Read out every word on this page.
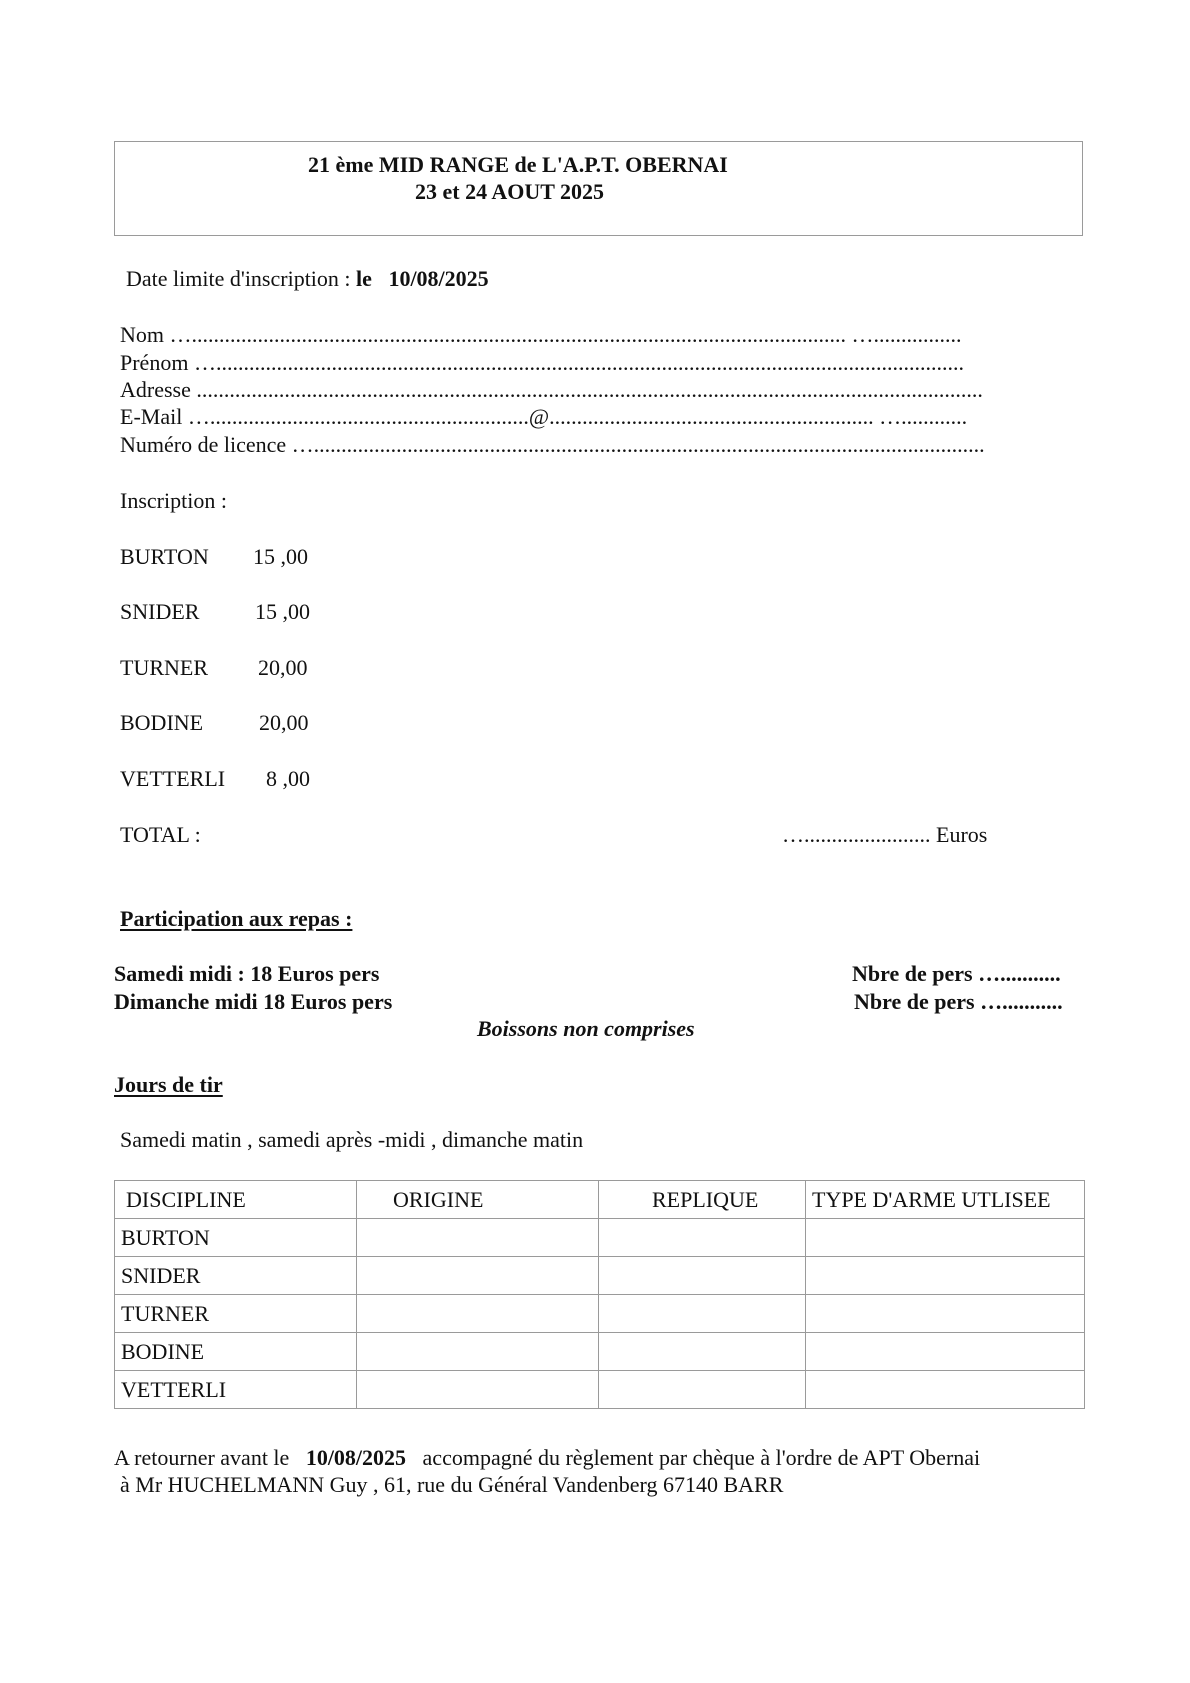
21 ème MID RANGE de L'A.P.T. OBERNAI
23 et 24 AOUT 2025
Date limite d'inscription : le 10/08/2025
Nom …....................................................................................................................... …................
Prénom …........................................................................................................................................
Adresse ...............................................................................................................................................
E-Mail …..........................................................@........................................................... …............
Numéro de licence …..........................................................................................................................
Inscription :
BURTON 15 ,00
SNIDER	15 ,00
TURNER 20,00
BODINE	20,00
VETTERLI 8 ,00
TOTAL :	…....................... Euros
Participation aux repas :
Samedi midi : 18 Euros pers	Nbre de pers …...........
Dimanche midi 18 Euros pers	Nbre de pers …...........
Boissons non comprises
Jours de tir
Samedi matin , samedi après -midi , dimanche matin
DISCIPLINE	ORIGINE	REPLIQUE	TYPE D'ARME UTLISEE
BURTON			
SNIDER			
TURNER			
BODINE			
VETTERLI			
A retourner avant le   10/08/2025 accompagné du règlement par chèque à l'ordre de APT Obernai
à Mr HUCHELMANN Guy , 61, rue du Général Vandenberg 67140 BARR
